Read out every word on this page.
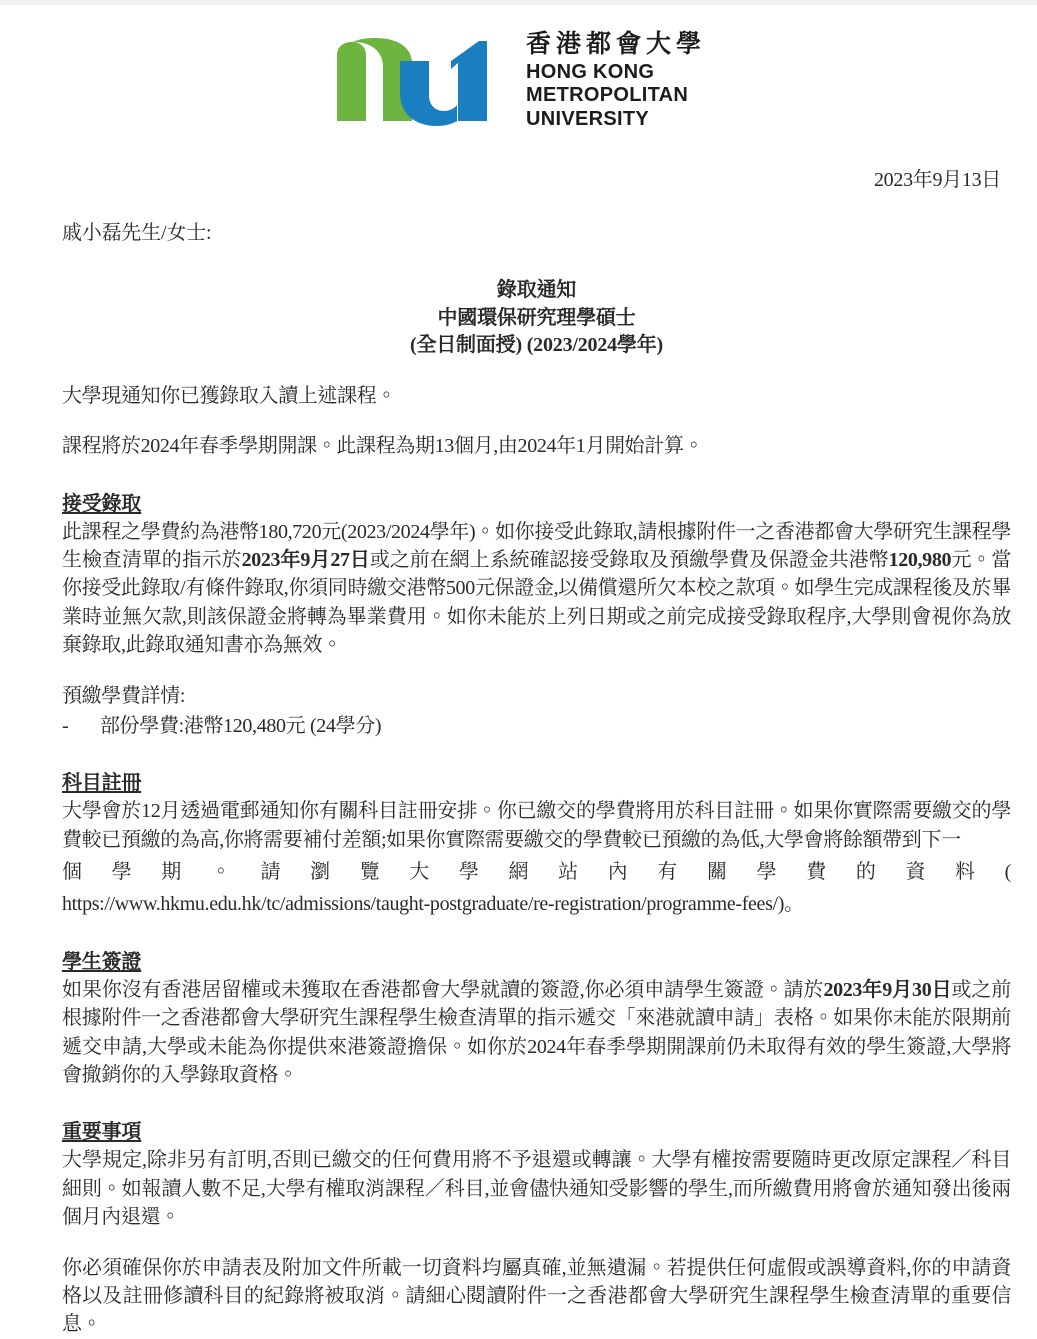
香港都會大學
HONG KONG
METROPOLITAN
UNIVERSITY
2023年9月13日
戚小磊先生/女士:
錄取通知
中國環保研究理學碩士
(全日制面授) (2023/2024學年)
大學現通知你已獲錄取入讀上述課程。
課程將於2024年春季學期開課。此課程為期13個月,由2024年1月開始計算。
接受錄取
此課程之學費約為港幣180,720元(2023/2024學年)。如你接受此錄取,請根據附件一之香港都會大學研究生課程學生檢查清單的指示於2023年9月27日或之前在網上系統確認接受錄取及預繳學費及保證金共港幣120,980元。當你接受此錄取/有條件錄取,你須同時繳交港幣500元保證金,以備償還所欠本校之款項。如學生完成課程後及於畢業時並無欠款,則該保證金將轉為畢業費用。如你未能於上列日期或之前完成接受錄取程序,大學則會視你為放棄錄取,此錄取通知書亦為無效。
預繳學費詳情:
-	部份學費:港幣120,480元 (24學分)
科目註冊
大學會於12月透過電郵通知你有關科目註冊安排。你已繳交的學費將用於科目註冊。如果你實際需要繳交的學費較已預繳的為高,你將需要補付差額;如果你實際需要繳交的學費較已預繳的為低,大學會將餘額帶到下一
個學期。請瀏覽大學網站內有關學費的資料(
https://www.hkmu.edu.hk/tc/admissions/taught-postgraduate/re-registration/programme-fees/)。
學生簽證
如果你沒有香港居留權或未獲取在香港都會大學就讀的簽證,你必須申請學生簽證。請於2023年9月30日或之前根據附件一之香港都會大學研究生課程學生檢查清單的指示遞交「來港就讀申請」表格。如果你未能於限期前遞交申請,大學或未能為你提供來港簽證擔保。如你於2024年春季學期開課前仍未取得有效的學生簽證,大學將會撤銷你的入學錄取資格。
重要事項
大學規定,除非另有訂明,否則已繳交的任何費用將不予退還或轉讓。大學有權按需要隨時更改原定課程／科目細則。如報讀人數不足,大學有權取消課程／科目,並會儘快通知受影響的學生,而所繳費用將會於通知發出後兩個月內退還。
你必須確保你於申請表及附加文件所載一切資料均屬真確,並無遺漏。若提供任何虛假或誤導資料,你的申請資格以及註冊修讀科目的紀錄將被取消。請細心閱讀附件一之香港都會大學研究生課程學生檢查清單的重要信息。
